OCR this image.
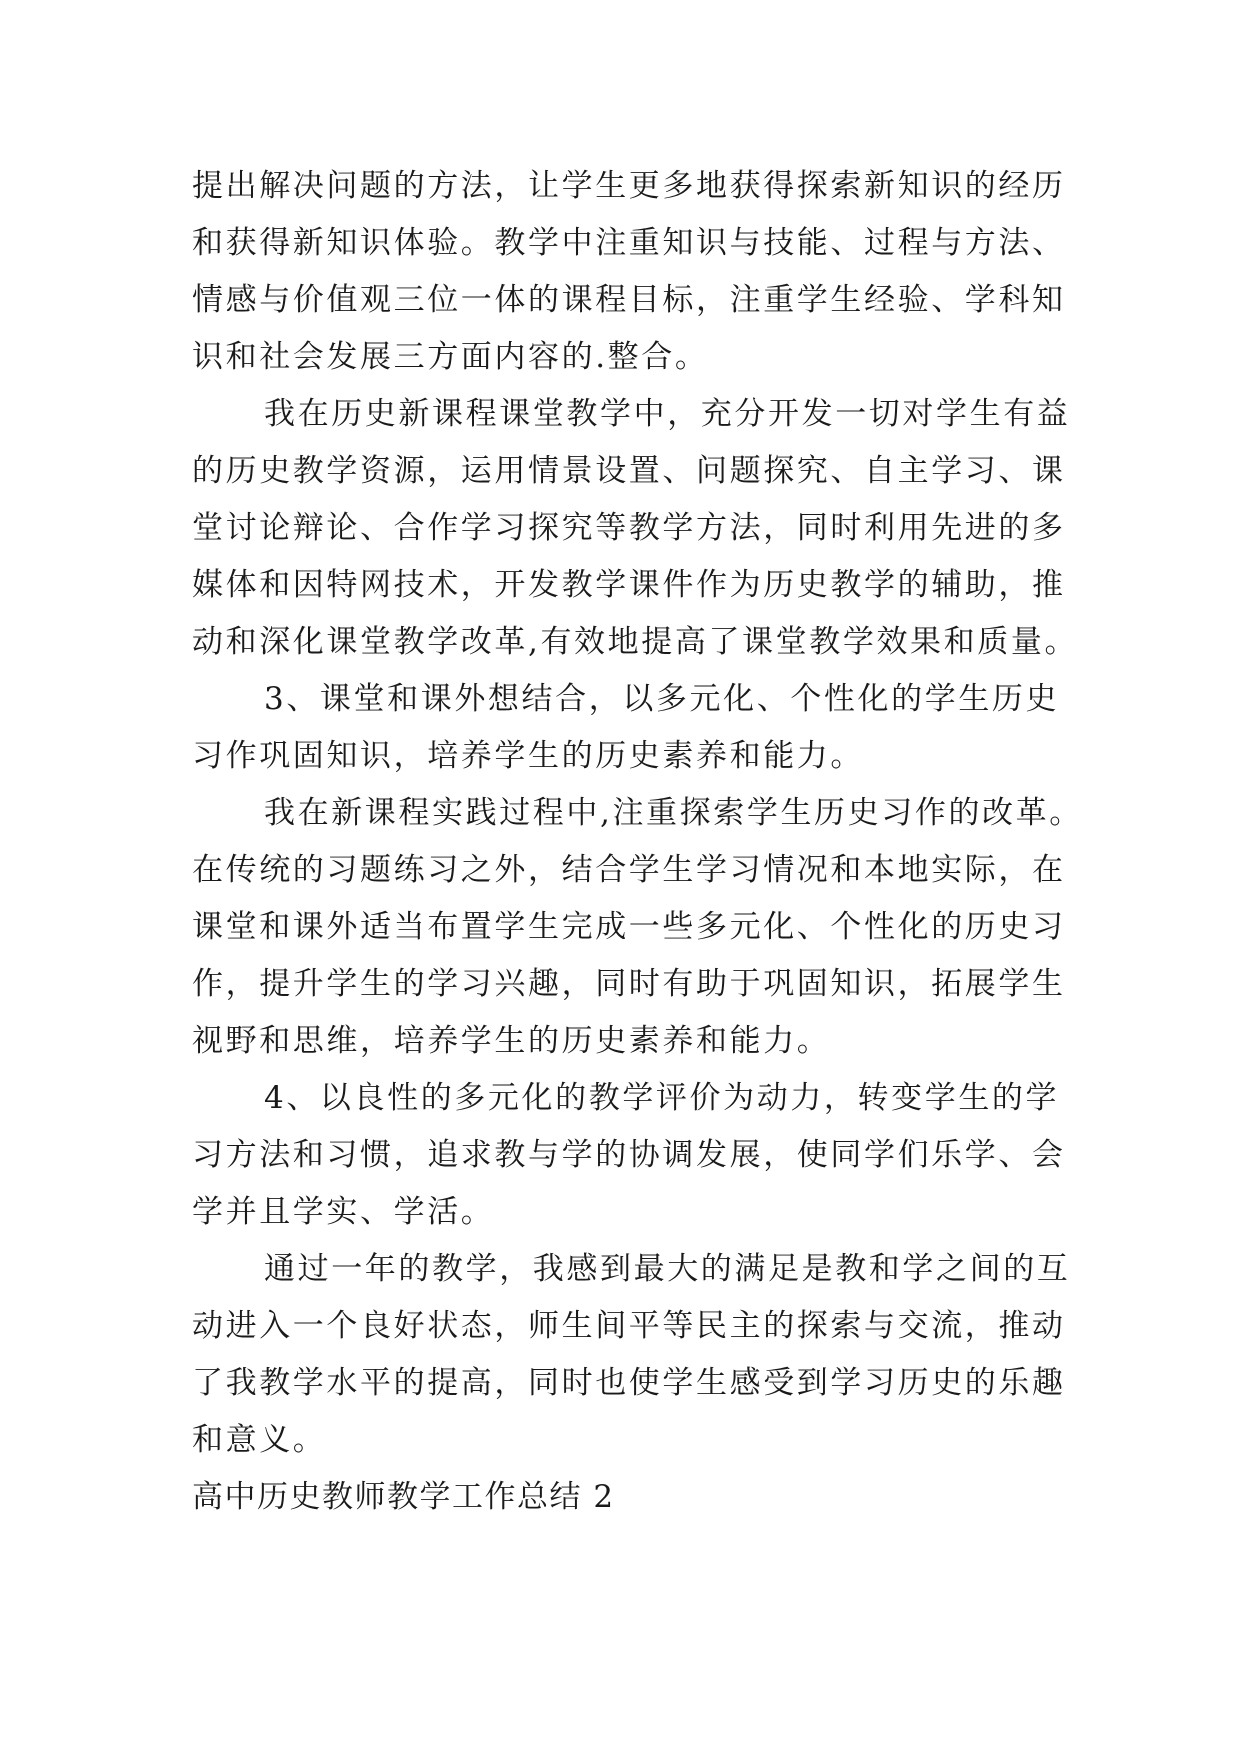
提出解决问题的方法，让学生更多地获得探索新知识的经历
和获得新知识体验。教学中注重知识与技能、过程与方法、
情感与价值观三位一体的课程目标，注重学生经验、学科知
识和社会发展三方面内容的.整合。
我在历史新课程课堂教学中，充分开发一切对学生有益
的历史教学资源，运用情景设置、问题探究、自主学习、课
堂讨论辩论、合作学习探究等教学方法，同时利用先进的多
媒体和因特网技术，开发教学课件作为历史教学的辅助，推
动和深化课堂教学改革,有效地提高了课堂教学效果和质量。
3、课堂和课外想结合，以多元化、个性化的学生历史
习作巩固知识，培养学生的历史素养和能力。
我在新课程实践过程中,注重探索学生历史习作的改革。
在传统的习题练习之外，结合学生学习情况和本地实际，在
课堂和课外适当布置学生完成一些多元化、个性化的历史习
作，提升学生的学习兴趣，同时有助于巩固知识，拓展学生
视野和思维，培养学生的历史素养和能力。
4、以良性的多元化的教学评价为动力，转变学生的学
习方法和习惯，追求教与学的协调发展，使同学们乐学、会
学并且学实、学活。
通过一年的教学，我感到最大的满足是教和学之间的互
动进入一个良好状态，师生间平等民主的探索与交流，推动
了我教学水平的提高，同时也使学生感受到学习历史的乐趣
和意义。
高中历史教师教学工作总结 2
